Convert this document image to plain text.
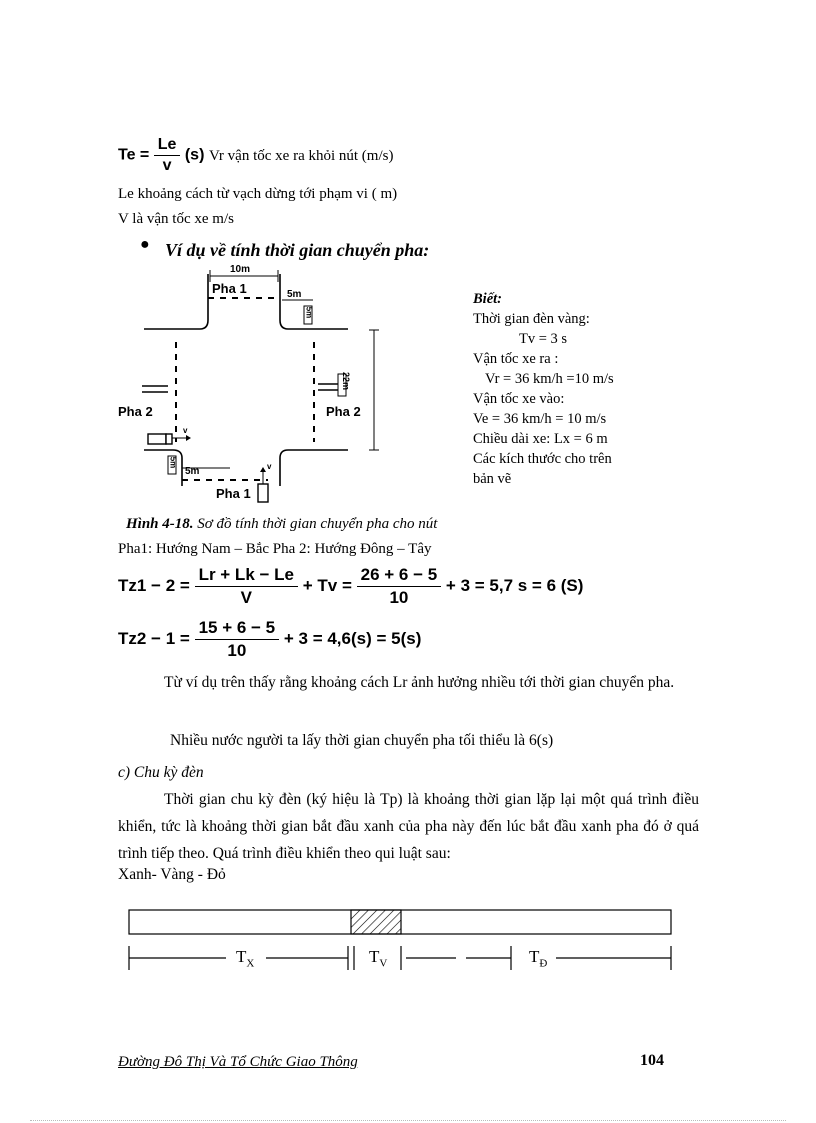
$Te = \frac{Le}{v} (s)$ Vr vận tốc xe ra khỏi nút (m/s)
Le khoảng cách từ vạch dừng tới phạm vi ( m)
V là vận tốc xe m/s
● Ví dụ về tính thời gian chuyển pha:
10m
Pha 1	5m
Pha 2	Pha 2
5m
Pha 1
22m
5m
5m
v
v
Biết:
Thời gian đèn vàng:
Tv = 3 s
Vận tốc xe ra :
Vr = 36 km/h =10 m/s
Vận tốc xe vào:
Ve = 36 km/h = 10 m/s
Chiều dài xe: Lx = 6 m
Các kích thước cho trên
bản vẽ
Hình 4-18. Sơ đồ tính thời gian chuyển pha cho nút
Pha1: Hướng Nam – Bắc Pha 2: Hướng Đông – Tây
$Tz1 - 2 = \frac{Lr + Lk - Le}{V} + Tv = \frac{26 + 6 - 5}{10} + 3 = 5,7$ s = 6 (S)
$Tz2 - 1 = \frac{15 + 6 - 5}{10} + 3 = 4,6(s) = 5(s)$
Từ ví dụ trên thấy rằng khoảng cách Lr ảnh hưởng nhiều tới thời gian chuyển pha.
Nhiều nước người ta lấy thời gian chuyển pha tối thiểu là 6(s)
c) Chu kỳ đèn
Thời gian chu kỳ đèn (ký hiệu là Tp) là khoảng thời gian lặp lại một quá trình điều khiển, tức là khoảng thời gian bắt đầu xanh của pha này đến lúc bắt đầu xanh pha đó ở quá trình tiếp theo. Quá trình điều khiển theo qui luật sau:
Xanh- Vàng - Đỏ
$T_X$	$T_V$	$T_Đ$
Đường Đô Thị Và Tổ Chức Giao Thông	104
